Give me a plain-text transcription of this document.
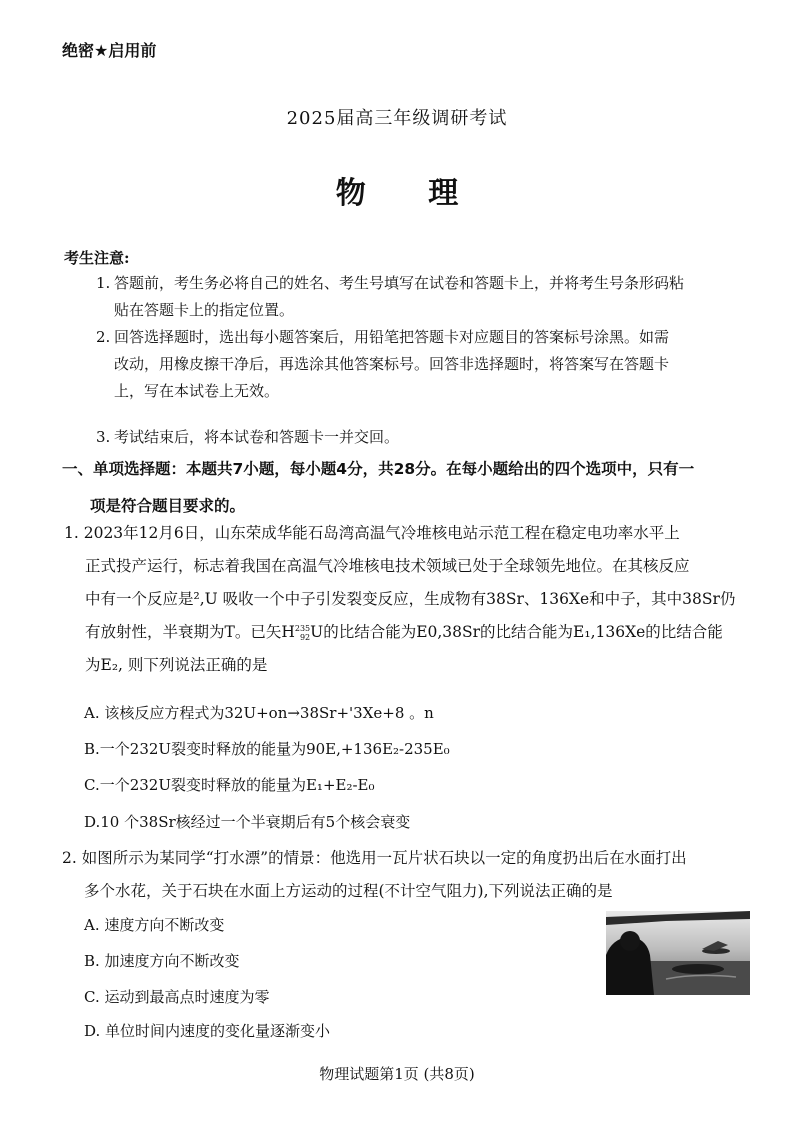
绝密★启用前
2025届高三年级调研考试
物 理
考生注意:
1. 答题前，考生务必将自己的姓名、考生号填写在试卷和答题卡上，并将考生号条形码粘
贴在答题卡上的指定位置。
2. 回答选择题时，选出每小题答案后，用铅笔把答题卡对应题目的答案标号涂黑。如需
改动，用橡皮擦干净后，再选涂其他答案标号。回答非选择题时，将答案写在答题卡
上，写在本试卷上无效。
3. 考试结束后，将本试卷和答题卡一并交回。
一、单项选择题：本题共7小题，每小题4分，共28分。在每小题给出的四个选项中，只有一
项是符合题目要求的。
1. 2023年12月6日，山东荣成华能石岛湾高温气冷堆核电站示范工程在稳定电功率水平上
正式投产运行，标志着我国在高温气冷堆核电技术领域已处于全球领先地位。在其核反应
中有一个反应是²,U 吸收一个中子引发裂变反应，生成物有38Sr、136Xe和中子，其中38Sr仍
有放射性，半衰期为T。已矢H 235
92 U的比结合能为E0,38Sr的比结合能为E₁,136Xe的比结合能
为E₂, 则下列说法正确的是
A. 该核反应方程式为32U+on→38Sr+'3Xe+8 。n
B.一个232U裂变时释放的能量为90E,+136E₂-235E₀
C.一个232U裂变时释放的能量为E₁+E₂-E₀
D.10 个38Sr核经过一个半衰期后有5个核会衰变
2. 如图所示为某同学“打水漂”的情景：他选用一瓦片状石块以一定的角度扔出后在水面打出
多个水花，关于石块在水面上方运动的过程(不计空气阻力),下列说法正确的是
A. 速度方向不断改变
B. 加速度方向不断改变
C. 运动到最高点时速度为零
D. 单位时间内速度的变化量逐渐变小
物理试题第1页 (共8页)
